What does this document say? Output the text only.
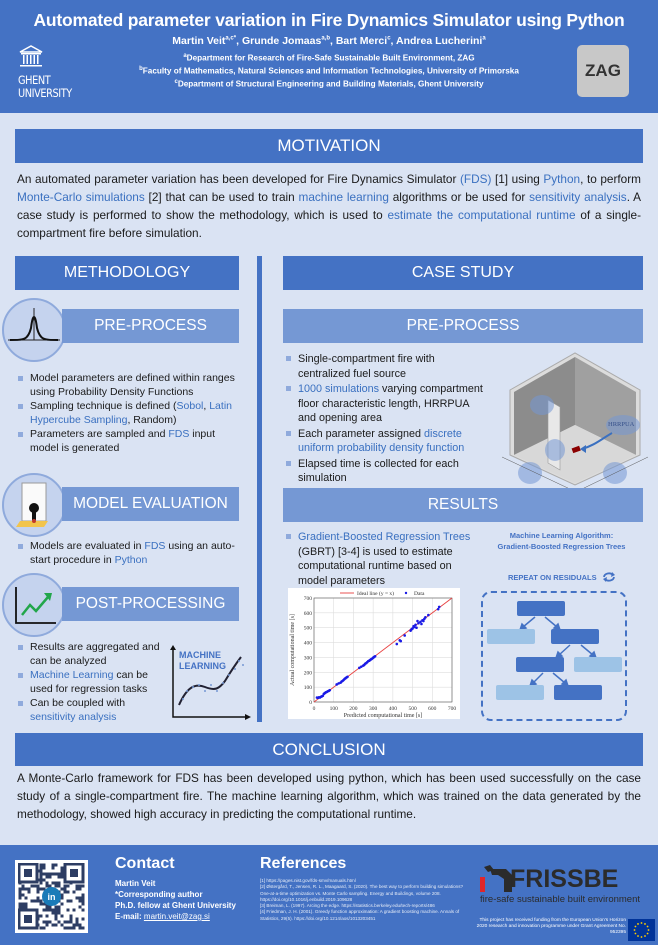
Automated parameter variation in Fire Dynamics Simulator using Python
Martin Veit$^{a,c*}$, Grunde Jomaas$^{a,b}$, Bart Merci$^c$, Andrea Lucherini$^a$
$^a$Department for Research of Fire-Safe Sustainable Built Environment, ZAG
$^b$Faculty of Mathematics, Natural Sciences and Information Technologies, University of Primorska
$^c$Department of Structural Engineering and Building Materials, Ghent University
GHENT
UNIVERSITY
ZAG
MOTIVATION
An automated parameter variation has been developed for Fire Dynamics Simulator (FDS) [1] using Python, to perform Monte-Carlo simulations [2] that can be used to train machine learning algorithms or be used for sensitivity analysis. A case study is performed to show the methodology, which is used to estimate the computational runtime of a single-compartment fire before simulation.
METHODOLOGY
PRE-PROCESS
Model parameters are defined within ranges using Probability Density Functions
Sampling technique is defined (Sobol, Latin Hypercube Sampling, Random)
Parameters are sampled and FDS input model is generated
MODEL EVALUATION
Models are evaluated in FDS using an auto-start procedure in Python
POST-PROCESSING
Results are aggregated and can be analyzed
Machine Learning can be used for regression tasks
Can be coupled with sensitivity analysis
MACHINE
LEARNING
CASE STUDY
PRE-PROCESS
Single-compartment fire with centralized fuel source
1000 simulations varying compartment floor characteristic length, HRRPUA and opening area
Each parameter assigned discrete uniform probability density function
Elapsed time is collected for each simulation
HRRPUA
RESULTS
Gradient-Boosted Regression Trees (GBRT) [3-4] is used to estimate computational runtime based on model parameters
0	100 200 300 400 500 600 700
0
100
200
300
400
500
600
700
Ideal line (y = x)	Data
Predicted computational time [s]
Actual computational time [s]
Machine Learning Algorithm:
Gradient-Boosted Regression Trees
REPEAT ON RESIDUALS
CONCLUSION
A Monte-Carlo framework for FDS has been developed using python, which has been used successfully on the case study of a single-compartment fire. The machine learning algorithm, which was trained on the data generated by the methodology, showed high accuracy in predicting the computational runtime.
in
Contact
Martin Veit
*Corresponding author
Ph.D. fellow at Ghent University
E-mail: martin.veit@zag.si
References
[1] https://pages.nist.gov/fds-smv/manuals.html
[2] Østergård, T., Jensen, R. L., Maagaard, S. (2020). The best way to perform building simulations? One-at-a-time optimization vs. Monte Carlo sampling. Energy and Buildings, volume 208. https://doi.org/10.1016/j.enbuild.2019.109628
[3] Breiman, L. (1997). Arcing the edge. https://statistics.berkeley.edu/tech-reports/486
[4] Friedman, J. H. (2001). Greedy function approximation: A gradient boosting machine. Annals of Statistics, 29(5). https://doi.org/10.1214/aos/1013203451
FRISSBE
fire-safe sustainable built environment
This project has received funding from the European Union's Horizon 2020 research and innovation programme under Grant Agreement No. 952395
